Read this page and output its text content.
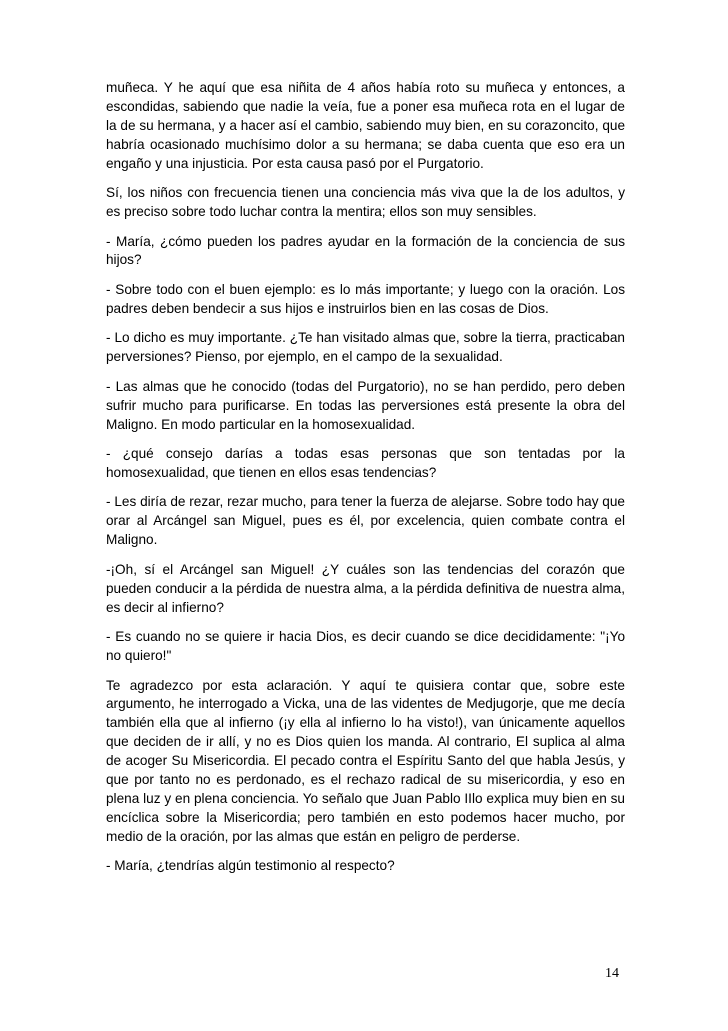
muñeca. Y he aquí que esa niñita de 4 años había roto su muñeca y entonces, a escondidas, sabiendo que nadie la veía, fue a poner esa muñeca rota en el lugar de la de su hermana, y a hacer así el cambio, sabiendo muy bien, en su corazoncito, que habría ocasionado muchísimo dolor a su hermana; se daba cuenta que eso era un engaño y una injusticia. Por esta causa pasó por el Purgatorio.

Sí, los niños con frecuencia tienen una conciencia más viva que la de los adultos, y es preciso sobre todo luchar contra la mentira; ellos son muy sensibles.

- María, ¿cómo pueden los padres ayudar en la formación de la conciencia de sus hijos?

- Sobre todo con el buen ejemplo: es lo más importante; y luego con la oración. Los padres deben bendecir a sus hijos e instruirlos bien en las cosas de Dios.

- Lo dicho es muy importante. ¿Te han visitado almas que, sobre la tierra, practicaban perversiones? Pienso, por ejemplo, en el campo de la sexualidad.

- Las almas que he conocido (todas del Purgatorio), no se han perdido, pero deben sufrir mucho para purificarse. En todas las perversiones está presente la obra del Maligno. En modo particular en la homosexualidad.

- ¿qué consejo darías a todas esas personas que son tentadas por la homosexualidad, que tienen en ellos esas tendencias?

- Les diría de rezar, rezar mucho, para tener la fuerza de alejarse. Sobre todo hay que orar al Arcángel san Miguel, pues es él, por excelencia, quien combate contra el Maligno.

-¡Oh, sí el Arcángel san Miguel! ¿Y cuáles son las tendencias del corazón que pueden conducir a la pérdida de nuestra alma, a la pérdida definitiva de nuestra alma, es decir al infierno?

- Es cuando no se quiere ir hacia Dios, es decir cuando se dice decididamente: "¡Yo no quiero!"

Te agradezco por esta aclaración. Y aquí te quisiera contar que, sobre este argumento, he interrogado a Vicka, una de las videntes de Medjugorje, que me decía también ella que al infierno (¡y ella al infierno lo ha visto!), van únicamente aquellos que deciden de ir allí, y no es Dios quien los manda. Al contrario, El suplica al alma de acoger Su Misericordia. El pecado contra el Espíritu Santo del que habla Jesús, y que por tanto no es perdonado, es el rechazo radical de su misericordia, y eso en plena luz y en plena conciencia. Yo señalo que Juan Pablo IIlo explica muy bien en su encíclica sobre la Misericordia; pero también en esto podemos hacer mucho, por medio de la oración, por las almas que están en peligro de perderse.

- María, ¿tendrías algún testimonio al respecto?

14
